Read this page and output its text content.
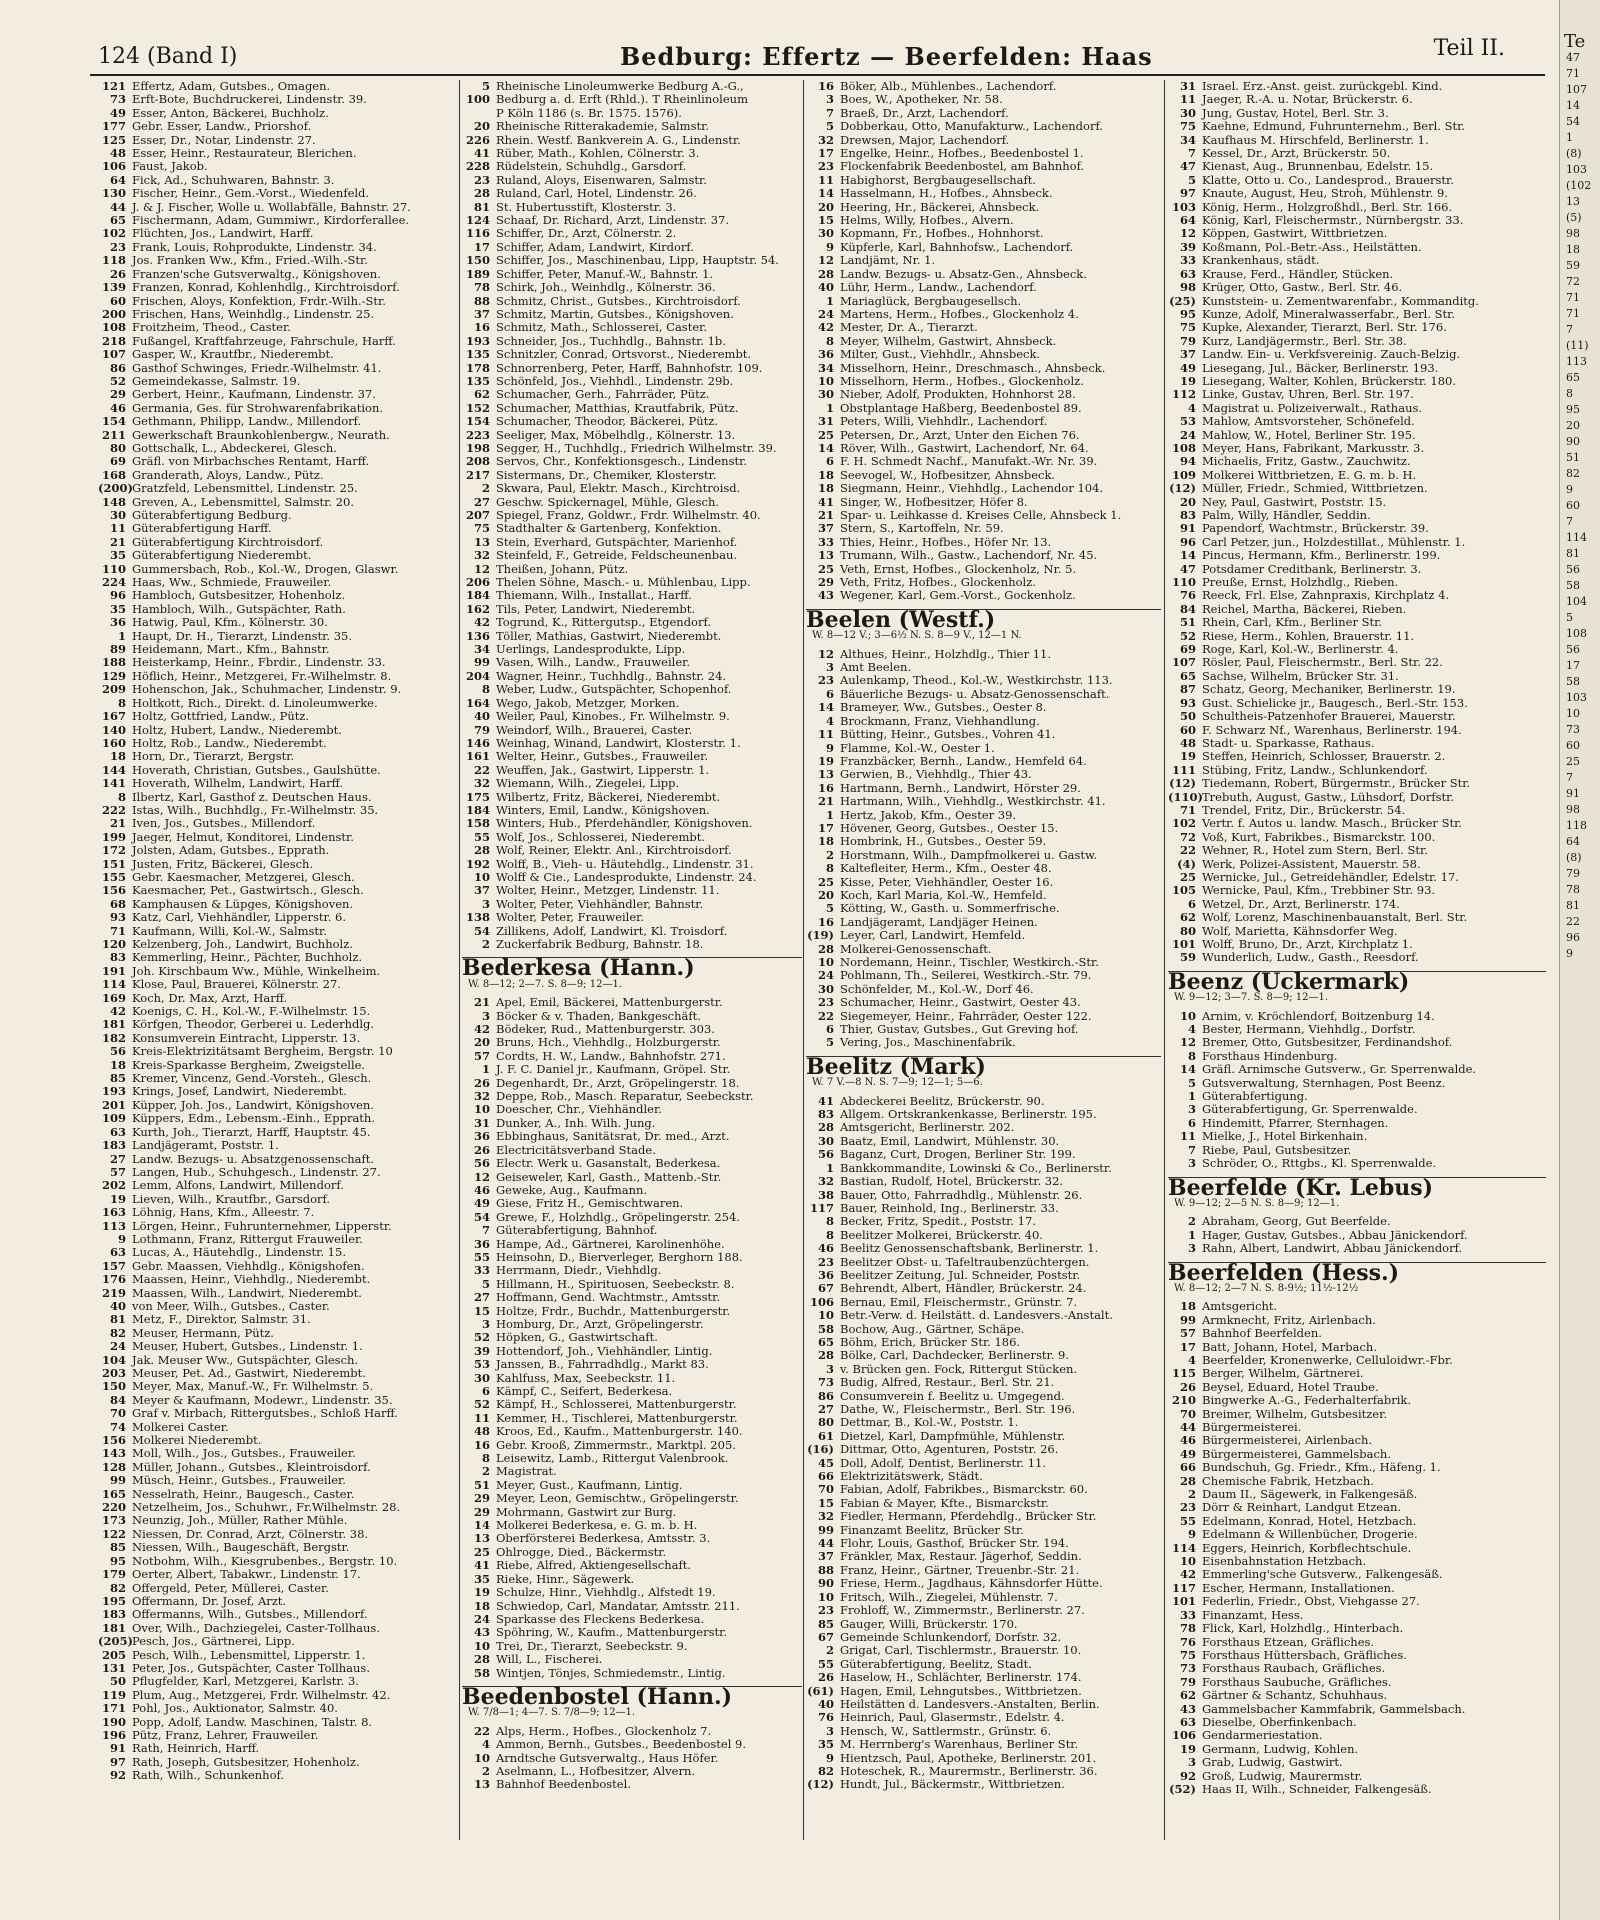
124 (Band I)	Bedburg: Effertz — Beerfelden: Haas	Teil II.
121 Effertz, Adam, Gutsbes., Omagen.
73 Erft-Bote, Buchdruckerei, Lindenstr. 39.
49 Esser, Anton, Bäckerei, Buchholz.
177 Gebr. Esser, Landw., Priorshof.
125 Esser, Dr., Notar, Lindenstr. 27.
48 Esser, Heinr., Restaurateur, Blerichen.
106 Faust, Jakob.
64 Fick, Ad., Schuhwaren, Bahnstr. 3.
130 Fischer, Heinr., Gem.-Vorst., Wiedenfeld.
44 J. & J. Fischer, Wolle u. Wollabfälle, Bahnstr. 27.
65 Fischermann, Adam, Gummiwr., Kirdorferallee.
102 Flüchten, Jos., Landwirt, Harff.
23 Frank, Louis, Rohprodukte, Lindenstr. 34.
118 Jos. Franken Ww., Kfm., Fried.-Wilh.-Str.
26 Franzen'sche Gutsverwaltg., Königshoven.
139 Franzen, Konrad, Kohlenhdlg., Kirchtroisdorf.
60 Frischen, Aloys, Konfektion, Frdr.-Wilh.-Str.
200 Frischen, Hans, Weinhdlg., Lindenstr. 25.
108 Froitzheim, Theod., Caster.
218 Fußangel, Kraftfahrzeuge, Fahrschule, Harff.
107 Gasper, W., Krautfbr., Niederembt.
86 Gasthof Schwinges, Friedr.-Wilhelmstr. 41.
52 Gemeindekasse, Salmstr. 19.
29 Gerbert, Heinr., Kaufmann, Lindenstr. 37.
46 Germania, Ges. für Strohwarenfabrikation.
154 Gethmann, Philipp, Landw., Millendorf.
211 Gewerkschaft Braunkohlenbergw., Neurath.
80 Gottschalk, L., Abdeckerei, Glesch.
69 Gräfl. von Mirbachsches Rentamt, Harff.
168 Granderath, Aloys, Landw., Pütz.
(200)Gratzfeld, Lebensmittel, Lindenstr. 25.
148 Greven, A., Lebensmittel, Salmstr. 20.
30 Güterabfertigung Bedburg.
11 Güterabfertigung Harff.
21 Güterabfertigung Kirchtroisdorf.
35 Güterabfertigung Niederembt.
110 Gummersbach, Rob., Kol.-W., Drogen, Glaswr.
224 Haas, Ww., Schmiede, Frauweiler.
96 Hambloch, Gutsbesitzer, Hohenholz.
35 Hambloch, Wilh., Gutspächter, Rath.
36 Hatwig, Paul, Kfm., Kölnerstr. 30.
1 Haupt, Dr. H., Tierarzt, Lindenstr. 35.
89 Heidemann, Mart., Kfm., Bahnstr.
188 Heisterkamp, Heinr., Fbrdir., Lindenstr. 33.
129 Höflich, Heinr., Metzgerei, Fr.-Wilhelmstr. 8.
209 Hohenschon, Jak., Schuhmacher, Lindenstr. 9.
8 Holtkott, Rich., Direkt. d. Linoleumwerke.
167 Holtz, Gottfried, Landw., Pütz.
140 Holtz, Hubert, Landw., Niederembt.
160 Holtz, Rob., Landw., Niederembt.
18 Horn, Dr., Tierarzt, Bergstr.
144 Hoverath, Christian, Gutsbes., Gaulshütte.
141 Hoverath, Wilhelm, Landwirt, Harff.
8 Ilbertz, Karl, Gasthof z. Deutschen Haus.
222 Istas, Wilh., Buchhdlg., Fr.-Wilhelmstr. 35.
21 Iven, Jos., Gutsbes., Millendorf.
199 Jaeger, Helmut, Konditorei, Lindenstr.
172 Jolsten, Adam, Gutsbes., Epprath.
151 Justen, Fritz, Bäckerei, Glesch.
155 Gebr. Kaesmacher, Metzgerei, Glesch.
156 Kaesmacher, Pet., Gastwirtsch., Glesch.
68 Kamphausen & Lüpges, Königshoven.
93 Katz, Carl, Viehhändler, Lipperstr. 6.
71 Kaufmann, Willi, Kol.-W., Salmstr.
120 Kelzenberg, Joh., Landwirt, Buchholz.
83 Kemmerling, Heinr., Pächter, Buchholz.
191 Joh. Kirschbaum Ww., Mühle, Winkelheim.
114 Klose, Paul, Brauerei, Kölnerstr. 27.
169 Koch, Dr. Max, Arzt, Harff.
42 Koenigs, C. H., Kol.-W., F.-Wilhelmstr. 15.
181 Körfgen, Theodor, Gerberei u. Lederhdlg.
182 Konsumverein Eintracht, Lipperstr. 13.
56 Kreis-Elektrizitätsamt Bergheim, Bergstr. 10
18 Kreis-Sparkasse Bergheim, Zweigstelle.
85 Kremer, Vincenz, Gend.-Vorsteh., Glesch.
193 Krings, Josef, Landwirt, Niederembt.
201 Küpper, Joh. Jos., Landwirt, Königshoven.
109 Küppers, Edm., Lebensm.-Einh., Epprath.
63 Kurth, Joh., Tierarzt, Harff, Hauptstr. 45.
183 Landjägeramt, Poststr. 1.
27 Landw. Bezugs- u. Absatzgenossenschaft.
57 Langen, Hub., Schuhgesch., Lindenstr. 27.
202 Lemm, Alfons, Landwirt, Millendorf.
19 Lieven, Wilh., Krautfbr., Garsdorf.
163 Löhnig, Hans, Kfm., Alleestr. 7.
113 Lörgen, Heinr., Fuhrunternehmer, Lipperstr.
9 Lothmann, Franz, Rittergut Frauweiler.
63 Lucas, A., Häutehdlg., Lindenstr. 15.
157 Gebr. Maassen, Viehhdlg., Königshofen.
176 Maassen, Heinr., Viehhdlg., Niederembt.
219 Maassen, Wilh., Landwirt, Niederembt.
40 von Meer, Wilh., Gutsbes., Caster.
81 Metz, F., Direktor, Salmstr. 31.
82 Meuser, Hermann, Pütz.
24 Meuser, Hubert, Gutsbes., Lindenstr. 1.
104 Jak. Meuser Ww., Gutspächter, Glesch.
203 Meuser, Pet. Ad., Gastwirt, Niederembt.
150 Meyer, Max, Manuf.-W., Fr. Wilhelmstr. 5.
84 Meyer & Kaufmann, Modewr., Lindenstr. 35.
70 Graf v. Mirbach, Rittergutsbes., Schloß Harff.
74 Molkerei Caster.
156 Molkerei Niederembt.
143 Moll, Wilh., Jos., Gutsbes., Frauweiler.
128 Müller, Johann., Gutsbes., Kleintroisdorf.
99 Müsch, Heinr., Gutsbes., Frauweiler.
165 Nesselrath, Heinr., Baugesch., Caster.
220 Netzelheim, Jos., Schuhwr., Fr.Wilhelmstr. 28.
173 Neunzig, Joh., Müller, Rather Mühle.
122 Niessen, Dr. Conrad, Arzt, Cölnerstr. 38.
85 Niessen, Wilh., Baugeschäft, Bergstr.
95 Notbohm, Wilh., Kiesgrubenbes., Bergstr. 10.
179 Oerter, Albert, Tabakwr., Lindenstr. 17.
82 Offergeld, Peter, Müllerei, Caster.
195 Offermann, Dr. Josef, Arzt.
183 Offermanns, Wilh., Gutsbes., Millendorf.
181 Over, Wilh., Dachziegelei, Caster-Tollhaus.
(205)Pesch, Jos., Gärtnerei, Lipp.
205 Pesch, Wilh., Lebensmittel, Lipperstr. 1.
131 Peter, Jos., Gutspächter, Caster Tollhaus.
50 Pflugfelder, Karl, Metzgerei, Karlstr. 3.
119 Plum, Aug., Metzgerei, Frdr. Wilhelmstr. 42.
171 Pohl, Jos., Auktionator, Salmstr. 40.
190 Popp, Adolf, Landw. Maschinen, Talstr. 8.
196 Pütz, Franz, Lehrer, Frauweiler.
91 Rath, Heinrich, Harff.
97 Rath, Joseph, Gutsbesitzer, Hohenholz.
92 Rath, Wilh., Schunkenhof.
5 Rheinische Linoleumwerke Bedburg A.-G.,
100 Bedburg a. d. Erft (Rhld.). T Rheinlinoleum
P Köln 1186 (s. Br. 1575. 1576).
20 Rheinische Ritterakademie, Salmstr.
226 Rhein. Westf. Bankverein A. G., Lindenstr.
41 Rüber, Math., Kohlen, Cölnerstr. 3.
228 Rüdelstein, Schuhdlg., Garsdorf.
23 Ruland, Aloys, Eisenwaren, Salmstr.
28 Ruland, Carl, Hotel, Lindenstr. 26.
81 St. Hubertusstift, Klosterstr. 3.
124 Schaaf, Dr. Richard, Arzt, Lindenstr. 37.
116 Schiffer, Dr., Arzt, Cölnerstr. 2.
17 Schiffer, Adam, Landwirt, Kirdorf.
150 Schiffer, Jos., Maschinenbau, Lipp, Hauptstr. 54.
189 Schiffer, Peter, Manuf.-W., Bahnstr. 1.
78 Schirk, Joh., Weinhdlg., Kölnerstr. 36.
88 Schmitz, Christ., Gutsbes., Kirchtroisdorf.
37 Schmitz, Martin, Gutsbes., Königshoven.
16 Schmitz, Math., Schlosserei, Caster.
193 Schneider, Jos., Tuchhdlg., Bahnstr. 1b.
135 Schnitzler, Conrad, Ortsvorst., Niederembt.
178 Schnorrenberg, Peter, Harff, Bahnhofstr. 109.
135 Schönfeld, Jos., Viehhdl., Lindenstr. 29b.
62 Schumacher, Gerh., Fahrräder, Pütz.
152 Schumacher, Matthias, Krautfabrik, Pütz.
154 Schumacher, Theodor, Bäckerei, Pütz.
223 Seeliger, Max, Möbelhdlg., Kölnerstr. 13.
198 Segger, H., Tuchhdlg., Friedrich Wilhelmstr. 39.
208 Servos, Chr., Konfektionsgesch., Lindenstr.
217 Sistermans, Dr., Chemiker, Klosterstr.
2 Skwara, Paul, Elektr. Masch., Kirchtroisd.
27 Geschw. Spickernagel, Mühle, Glesch.
207 Spiegel, Franz, Goldwr., Frdr. Wilhelmstr. 40.
75 Stadthalter & Gartenberg, Konfektion.
13 Stein, Everhard, Gutspächter, Marienhof.
32 Steinfeld, F., Getreide, Feldscheunenbau.
12 Theißen, Johann, Pütz.
206 Thelen Söhne, Masch.- u. Mühlenbau, Lipp.
184 Thiemann, Wilh., Installat., Harff.
162 Tils, Peter, Landwirt, Niederembt.
42 Togrund, K., Rittergutsp., Etgendorf.
136 Töller, Mathias, Gastwirt, Niederembt.
34 Uerlings, Landesprodukte, Lipp.
99 Vasen, Wilh., Landw., Frauweiler.
204 Wagner, Heinr., Tuchhdlg., Bahnstr. 24.
8 Weber, Ludw., Gutspächter, Schopenhof.
164 Wego, Jakob, Metzger, Morken.
40 Weiler, Paul, Kinobes., Fr. Wilhelmstr. 9.
79 Weindorf, Wilh., Brauerei, Caster.
146 Weinhag, Winand, Landwirt, Klosterstr. 1.
161 Welter, Heinr., Gutsbes., Frauweiler.
22 Weuffen, Jak., Gastwirt, Lipperstr. 1.
32 Wiemann, Wilh., Ziegelei, Lipp.
175 Wilbertz, Fritz, Bäckerei, Niederembt.
184 Winters, Emil, Landw., Königshoven.
158 Winters, Hub., Pferdehändler, Königshoven.
55 Wolf, Jos., Schlosserei, Niederembt.
28 Wolf, Reiner, Elektr. Anl., Kirchtroisdorf.
192 Wolff, B., Vieh- u. Häutehdlg., Lindenstr. 31.
10 Wolff & Cie., Landesprodukte, Lindenstr. 24.
37 Wolter, Heinr., Metzger, Lindenstr. 11.
3 Wolter, Peter, Viehhändler, Bahnstr.
138 Wolter, Peter, Frauweiler.
54 Zillikens, Adolf, Landwirt, Kl. Troisdorf.
2 Zuckerfabrik Bedburg, Bahnstr. 18.
Bederkesa (Hann.)W. 8—12; 2—7. S. 8—9; 12—1.
21 Apel, Emil, Bäckerei, Mattenburgerstr.
3 Böcker & v. Thaden, Bankgeschäft.
42 Bödeker, Rud., Mattenburgerstr. 303.
20 Bruns, Hch., Viehhdlg., Holzburgerstr.
57 Cordts, H. W., Landw., Bahnhofstr. 271.
1 J. F. C. Daniel jr., Kaufmann, Gröpel. Str.
26 Degenhardt, Dr., Arzt, Gröpelingerstr. 18.
32 Deppe, Rob., Masch. Reparatur, Seebeckstr.
10 Doescher, Chr., Viehhändler.
31 Dunker, A., Inh. Wilh. Jung.
36 Ebbinghaus, Sanitätsrat, Dr. med., Arzt.
26 Electricitätsverband Stade.
56 Electr. Werk u. Gasanstalt, Bederkesa.
12 Geiseweler, Karl, Gasth., Mattenb.-Str.
46 Geweke, Aug., Kaufmann.
49 Giese, Fritz H., Gemischtwaren.
54 Grewe, F., Holzhdlg., Gröpelingerstr. 254.
7 Güterabfertigung, Bahnhof.
36 Hampe, Ad., Gärtnerei, Karolinenhöhe.
55 Heinsohn, D., Bierverleger, Berghorn 188.
33 Herrmann, Diedr., Viehhdlg.
5 Hillmann, H., Spirituosen, Seebeckstr. 8.
27 Hoffmann, Gend. Wachtmstr., Amtsstr.
15 Holtze, Frdr., Buchdr., Mattenburgerstr.
3 Homburg, Dr., Arzt, Gröpelingerstr.
52 Höpken, G., Gastwirtschaft.
39 Hottendorf, Joh., Viehhändler, Lintig.
53 Janssen, B., Fahrradhdlg., Markt 83.
30 Kahlfuss, Max, Seebeckstr. 11.
6 Kämpf, C., Seifert, Bederkesa.
52 Kämpf, H., Schlosserei, Mattenburgerstr.
11 Kemmer, H., Tischlerei, Mattenburgerstr.
48 Kroos, Ed., Kaufm., Mattenburgerstr. 140.
16 Gebr. Krooß, Zimmermstr., Marktpl. 205.
8 Leisewitz, Lamb., Rittergut Valenbrook.
2 Magistrat.
51 Meyer, Gust., Kaufmann, Lintig.
29 Meyer, Leon, Gemischtw., Gröpelingerstr.
29 Mohrmann, Gastwirt zur Burg.
14 Molkerei Bederkesa, e. G. m. b. H.
13 Oberförsterei Bederkesa, Amtsstr. 3.
25 Ohlrogge, Died., Bäckermstr.
41 Riebe, Alfred, Aktiengesellschaft.
35 Rieke, Hinr., Sägewerk.
19 Schulze, Hinr., Viehhdlg., Alfstedt 19.
18 Schwiedop, Carl, Mandatar, Amtsstr. 211.
24 Sparkasse des Fleckens Bederkesa.
43 Spöhring, W., Kaufm., Mattenburgerstr.
10 Trei, Dr., Tierarzt, Seebeckstr. 9.
28 Will, L., Fischerei.
58 Wintjen, Tönjes, Schmiedemstr., Lintig.
Beedenbostel (Hann.)W. 7/8—1; 4—7. S. 7/8—9; 12—1.
22 Alps, Herm., Hofbes., Glockenholz 7.
4 Ammon, Bernh., Gutsbes., Beedenbostel 9.
10 Arndtsche Gutsverwaltg., Haus Höfer.
2 Aselmann, L., Hofbesitzer, Alvern.
13 Bahnhof Beedenbostel.
16 Böker, Alb., Mühlenbes., Lachendorf.
3 Boes, W., Apotheker, Nr. 58.
7 Braeß, Dr., Arzt, Lachendorf.
5 Dobberkau, Otto, Manufakturw., Lachendorf.
32 Drewsen, Major, Lachendorf.
17 Engelke, Heinr., Hofbes., Beedenbostel 1.
23 Flockenfabrik Beedenbostel, am Bahnhof.
11 Habighorst, Bergbaugesellschaft.
14 Hasselmann, H., Hofbes., Ahnsbeck.
20 Heering, Hr., Bäckerei, Ahnsbeck.
15 Helms, Willy, Hofbes., Alvern.
30 Kopmann, Fr., Hofbes., Hohnhorst.
9 Küpferle, Karl, Bahnhofsw., Lachendorf.
12 Landjämt, Nr. 1.
28 Landw. Bezugs- u. Absatz-Gen., Ahnsbeck.
40 Lühr, Herm., Landw., Lachendorf.
1 Mariaglück, Bergbaugesellsch.
24 Martens, Herm., Hofbes., Glockenholz 4.
42 Mester, Dr. A., Tierarzt.
8 Meyer, Wilhelm, Gastwirt, Ahnsbeck.
36 Milter, Gust., Viehhdlr., Ahnsbeck.
34 Misselhorn, Heinr., Dreschmasch., Ahnsbeck.
10 Misselhorn, Herm., Hofbes., Glockenholz.
30 Nieber, Adolf, Produkten, Hohnhorst 28.
1 Obstplantage Haßberg, Beedenbostel 89.
31 Peters, Willi, Viehhdlr., Lachendorf.
25 Petersen, Dr., Arzt, Unter den Eichen 76.
14 Röver, Wilh., Gastwirt, Lachendorf, Nr. 64.
6 F. H. Schmedt Nachf., Manufakt.-Wr. Nr. 39.
18 Seevogel, W., Hofbesitzer, Ahnsbeck.
18 Siegmann, Heinr., Viehhdlg., Lachendor 104.
41 Singer, W., Hofbesitzer, Höfer 8.
21 Spar- u. Leihkasse d. Kreises Celle, Ahnsbeck 1.
37 Stern, S., Kartoffeln, Nr. 59.
33 Thies, Heinr., Hofbes., Höfer Nr. 13.
13 Trumann, Wilh., Gastw., Lachendorf, Nr. 45.
25 Veth, Ernst, Hofbes., Glockenholz, Nr. 5.
29 Veth, Fritz, Hofbes., Glockenholz.
43 Wegener, Karl, Gem.-Vorst., Gockenholz.
Beelen (Westf.)W. 8—12 V.; 3—6½ N. S. 8—9 V., 12—1 N.
12 Althues, Heinr., Holzhdlg., Thier 11.
3 Amt Beelen.
23 Aulenkamp, Theod., Kol.-W., Westkirchstr. 113.
6 Bäuerliche Bezugs- u. Absatz-Genossenschaft.
14 Brameyer, Ww., Gutsbes., Oester 8.
4 Brockmann, Franz, Viehhandlung.
11 Bütting, Heinr., Gutsbes., Vohren 41.
9 Flamme, Kol.-W., Oester 1.
19 Franzbäcker, Bernh., Landw., Hemfeld 64.
13 Gerwien, B., Viehhdlg., Thier 43.
16 Hartmann, Bernh., Landwirt, Hörster 29.
21 Hartmann, Wilh., Viehhdlg., Westkirchstr. 41.
1 Hertz, Jakob, Kfm., Oester 39.
17 Hövener, Georg, Gutsbes., Oester 15.
18 Hombrink, H., Gutsbes., Oester 59.
2 Horstmann, Wilh., Dampfmolkerei u. Gastw.
8 Kaltefleiter, Herm., Kfm., Oester 48.
25 Kisse, Peter, Viehhändler, Oester 16.
20 Koch, Karl Maria, Kol.-W., Hemfeld.
5 Kötting, W., Gasth. u. Sommerfrische.
16 Landjägeramt, Landjäger Heinen.
(19) Leyer, Carl, Landwirt, Hemfeld.
28 Molkerei-Genossenschaft.
10 Nordemann, Heinr., Tischler, Westkirch.-Str.
24 Pohlmann, Th., Seilerei, Westkirch.-Str. 79.
30 Schönfelder, M., Kol.-W., Dorf 46.
23 Schumacher, Heinr., Gastwirt, Oester 43.
22 Siegemeyer, Heinr., Fahrräder, Oester 122.
6 Thier, Gustav, Gutsbes., Gut Greving hof.
5 Vering, Jos., Maschinenfabrik.
Beelitz (Mark)W. 7 V.—8 N. S. 7—9; 12—1; 5—6.
41 Abdeckerei Beelitz, Brückerstr. 90.
83 Allgem. Ortskrankenkasse, Berlinerstr. 195.
28 Amtsgericht, Berlinerstr. 202.
30 Baatz, Emil, Landwirt, Mühlenstr. 30.
56 Baganz, Curt, Drogen, Berliner Str. 199.
1 Bankkommandite, Lowinski & Co., Berlinerstr.
32 Bastian, Rudolf, Hotel, Brückerstr. 32.
38 Bauer, Otto, Fahrradhdlg., Mühlenstr. 26.
117 Bauer, Reinhold, Ing., Berlinerstr. 33.
8 Becker, Fritz, Spedit., Poststr. 17.
8 Beelitzer Molkerei, Brückerstr. 40.
46 Beelitz Genossenschaftsbank, Berlinerstr. 1.
23 Beelitzer Obst- u. Tafeltraubenzüchtergen.
36 Beelitzer Zeitung, Jul. Schneider, Poststr.
67 Behrendt, Albert, Händler, Brückerstr. 24.
106 Bernau, Emil, Fleischermstr., Grünstr. 7.
10 Betr.-Verw. d. Heilstätt. d. Landesvers.-Anstalt.
58 Bochow, Aug., Gärtner, Schäpe.
65 Böhm, Erich, Brücker Str. 186.
28 Bölke, Carl, Dachdecker, Berlinerstr. 9.
3 v. Brücken gen. Fock, Rittergut Stücken.
73 Budig, Alfred, Restaur., Berl. Str. 21.
86 Consumverein f. Beelitz u. Umgegend.
27 Dathe, W., Fleischermstr., Berl. Str. 196.
80 Dettmar, B., Kol.-W., Poststr. 1.
61 Dietzel, Karl, Dampfmühle, Mühlenstr.
(16) Dittmar, Otto, Agenturen, Poststr. 26.
45 Doll, Adolf, Dentist, Berlinerstr. 11.
66 Elektrizitätswerk, Städt.
70 Fabian, Adolf, Fabrikbes., Bismarckstr. 60.
15 Fabian & Mayer, Kfte., Bismarckstr.
32 Fiedler, Hermann, Pferdehdlg., Brücker Str.
99 Finanzamt Beelitz, Brücker Str.
44 Flohr, Louis, Gasthof, Brücker Str. 194.
37 Fränkler, Max, Restaur. Jägerhof, Seddin.
88 Franz, Heinr., Gärtner, Treuenbr.-Str. 21.
90 Friese, Herm., Jagdhaus, Kähnsdorfer Hütte.
10 Fritsch, Wilh., Ziegelei, Mühlenstr. 7.
23 Frohloff, W., Zimmermstr., Berlinerstr. 27.
85 Gauger, Willi, Brückerstr. 170.
67 Gemeinde Schlunkendorf, Dorfstr. 32.
2 Grigat, Carl, Tischlermstr., Brauerstr. 10.
55 Güterabfertigung, Beelitz, Stadt.
26 Haselow, H., Schlächter, Berlinerstr. 174.
(61) Hagen, Emil, Lehngutsbes., Wittbrietzen.
40 Heilstätten d. Landesvers.-Anstalten, Berlin.
76 Heinrich, Paul, Glasermstr., Edelstr. 4.
3 Hensch, W., Sattlermstr., Grünstr. 6.
35 M. Herrnberg's Warenhaus, Berliner Str.
9 Hientzsch, Paul, Apotheke, Berlinerstr. 201.
82 Hoteschek, R., Maurermstr., Berlinerstr. 36.
(12) Hundt, Jul., Bäckermstr., Wittbrietzen.
31 Israel. Erz.-Anst. geist. zurückgebl. Kind.
11 Jaeger, R.-A. u. Notar, Brückerstr. 6.
30 Jung, Gustav, Hotel, Berl. Str. 3.
75 Kaehne, Edmund, Fuhrunternehm., Berl. Str.
34 Kaufhaus M. Hirschfeld, Berlinerstr. 1.
7 Kessel, Dr., Arzt, Brückerstr. 50.
47 Kienast, Aug., Brunnenbau, Edelstr. 15.
5 Klatte, Otto u. Co., Landesprod., Brauerstr.
97 Knaute, August, Heu, Stroh, Mühlenstr. 9.
103 König, Herm., Holzgroßhdl., Berl. Str. 166.
64 König, Karl, Fleischermstr., Nürnbergstr. 33.
12 Köppen, Gastwirt, Wittbrietzen.
39 Koßmann, Pol.-Betr.-Ass., Heilstätten.
33 Krankenhaus, städt.
63 Krause, Ferd., Händler, Stücken.
98 Krüger, Otto, Gastw., Berl. Str. 46.
(25) Kunststein- u. Zementwarenfabr., Kommanditg.
95 Kunze, Adolf, Mineralwasserfabr., Berl. Str.
75 Kupke, Alexander, Tierarzt, Berl. Str. 176.
79 Kurz, Landjägermstr., Berl. Str. 38.
37 Landw. Ein- u. Verkfsvereinig. Zauch-Belzig.
49 Liesegang, Jul., Bäcker, Berlinerstr. 193.
19 Liesegang, Walter, Kohlen, Brückerstr. 180.
112 Linke, Gustav, Uhren, Berl. Str. 197.
4 Magistrat u. Polizeiverwalt., Rathaus.
53 Mahlow, Amtsvorsteher, Schönefeld.
24 Mahlow, W., Hotel, Berliner Str. 195.
108 Meyer, Hans, Fabrikant, Markusstr. 3.
94 Michaelis, Fritz, Gastw., Zauchwitz.
109 Molkerei Wittbrietzen, E. G. m. b. H.
(12) Müller, Friedr., Schmied, Wittbrietzen.
20 Ney, Paul, Gastwirt, Poststr. 15.
83 Palm, Willy, Händler, Seddin.
91 Papendorf, Wachtmstr., Brückerstr. 39.
96 Carl Petzer, jun., Holzdestillat., Mühlenstr. 1.
14 Pincus, Hermann, Kfm., Berlinerstr. 199.
47 Potsdamer Creditbank, Berlinerstr. 3.
110 Preuße, Ernst, Holzhdlg., Rieben.
76 Reeck, Frl. Else, Zahnpraxis, Kirchplatz 4.
84 Reichel, Martha, Bäckerei, Rieben.
51 Rhein, Carl, Kfm., Berliner Str.
52 Riese, Herm., Kohlen, Brauerstr. 11.
69 Roge, Karl, Kol.-W., Berlinerstr. 4.
107 Rösler, Paul, Fleischermstr., Berl. Str. 22.
65 Sachse, Wilhelm, Brücker Str. 31.
87 Schatz, Georg, Mechaniker, Berlinerstr. 19.
93 Gust. Schielicke jr., Baugesch., Berl.-Str. 153.
50 Schultheis-Patzenhofer Brauerei, Mauerstr.
60 F. Schwarz Nf., Warenhaus, Berlinerstr. 194.
48 Stadt- u. Sparkasse, Rathaus.
19 Steffen, Heinrich, Schlosser, Brauerstr. 2.
111 Stübing, Fritz, Landw., Schlunkendorf.
(12) Tiedemann, Robert, Bürgermstr., Brücker Str.
(110)Trebuth, August, Gastw., Lühsdorf, Dorfstr.
71 Trendel, Fritz, Dir., Brückerstr. 54.
102 Vertr. f. Autos u. landw. Masch., Brücker Str.
72 Voß, Kurt, Fabrikbes., Bismarckstr. 100.
22 Wehner, R., Hotel zum Stern, Berl. Str.
(4) Werk, Polizei-Assistent, Mauerstr. 58.
25 Wernicke, Jul., Getreidehändler, Edelstr. 17.
105 Wernicke, Paul, Kfm., Trebbiner Str. 93.
6 Wetzel, Dr., Arzt, Berlinerstr. 174.
62 Wolf, Lorenz, Maschinenbauanstalt, Berl. Str.
80 Wolf, Marietta, Kähnsdorfer Weg.
101 Wolff, Bruno, Dr., Arzt, Kirchplatz 1.
59 Wunderlich, Ludw., Gasth., Reesdorf.
Beenz (Uckermark)W. 9—12; 3—7. S. 8—9; 12—1.
10 Arnim, v. Kröchlendorf, Boitzenburg 14.
4 Bester, Hermann, Viehhdlg., Dorfstr.
12 Bremer, Otto, Gutsbesitzer, Ferdinandshof.
8 Forsthaus Hindenburg.
14 Gräfl. Arnimsche Gutsverw., Gr. Sperrenwalde.
5 Gutsverwaltung, Sternhagen, Post Beenz.
1 Güterabfertigung.
3 Güterabfertigung, Gr. Sperrenwalde.
6 Hindemitt, Pfarrer, Sternhagen.
11 Mielke, J., Hotel Birkenhain.
7 Riebe, Paul, Gutsbesitzer.
3 Schröder, O., Rttgbs., Kl. Sperrenwalde.
Beerfelde (Kr. Lebus)W. 9—12; 2—5 N. S. 8—9; 12—1.
2 Abraham, Georg, Gut Beerfelde.
1 Hager, Gustav, Gutsbes., Abbau Jänickendorf.
3 Rahn, Albert, Landwirt, Abbau Jänickendorf.
Beerfelden (Hess.)W. 8—12; 2—7 N. S. 8-9½; 11½-12½
18 Amtsgericht.
99 Armknecht, Fritz, Airlenbach.
57 Bahnhof Beerfelden.
17 Batt, Johann, Hotel, Marbach.
4 Beerfelder, Kronenwerke, Celluloidwr.-Fbr.
115 Berger, Wilhelm, Gärtnerei.
26 Beysel, Eduard, Hotel Traube.
210 Bingwerke A.-G., Federhalterfabrik.
70 Breimer, Wilhelm, Gutsbesitzer.
44 Bürgermeisterei.
46 Bürgermeisterei, Airlenbach.
49 Bürgermeisterei, Gammelsbach.
66 Bundschuh, Gg. Friedr., Kfm., Häfeng. 1.
28 Chemische Fabrik, Hetzbach.
2 Daum II., Sägewerk, in Falkengesäß.
23 Dörr & Reinhart, Landgut Etzean.
55 Edelmann, Konrad, Hotel, Hetzbach.
9 Edelmann & Willenbücher, Drogerie.
114 Eggers, Heinrich, Korbflechtschule.
10 Eisenbahnstation Hetzbach.
42 Emmerling'sche Gutsverw., Falkengesäß.
117 Escher, Hermann, Installationen.
101 Federlin, Friedr., Obst, Viehgasse 27.
33 Finanzamt, Hess.
78 Flick, Karl, Holzhdlg., Hinterbach.
76 Forsthaus Etzean, Gräfliches.
75 Forsthaus Hüttersbach, Gräfliches.
73 Forsthaus Raubach, Gräfliches.
79 Forsthaus Saubuche, Gräfliches.
62 Gärtner & Schantz, Schuhhaus.
43 Gammelsbacher Kammfabrik, Gammelsbach.
63 Dieselbe, Oberfinkenbach.
106 Gendarmeriestation.
19 Germann, Ludwig, Kohlen.
3 Grab, Ludwig, Gastwirt.
92 Groß, Ludwig, Maurermstr.
(52) Haas II, Wilh., Schneider, Falkengesäß.
Te
47
71
107
14
54
1
(8)
103
(102
13
(5)
98
18
59
72
71
71
7
(11)
113
65
8
95
20
90
51
82
9
60
7
114
81
56
58
104
5
108
56
17
58
103
10
73
60
25
7
91
98
118
64
(8)
79
78
81
22
96
9
